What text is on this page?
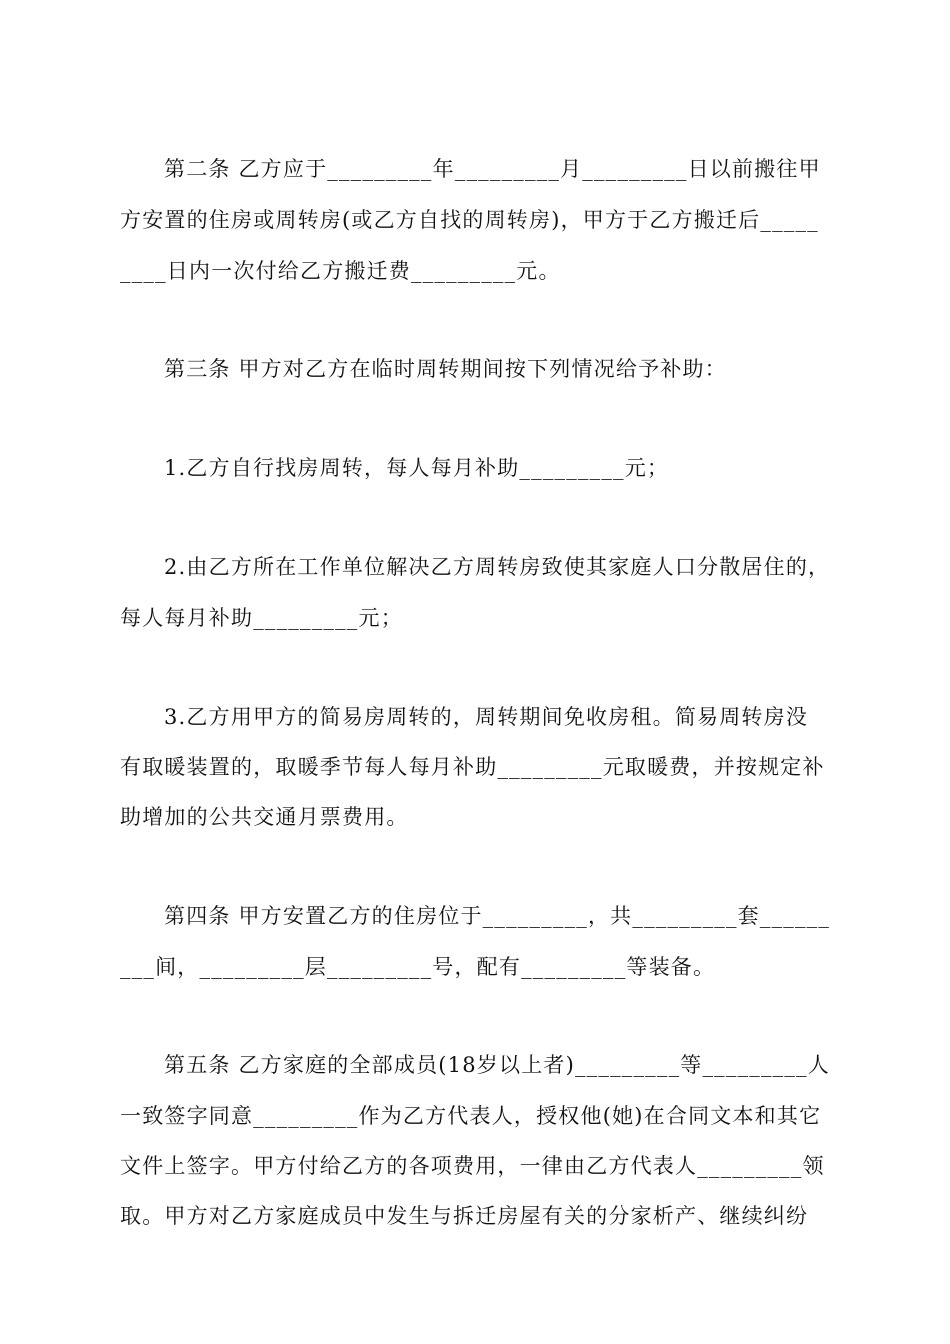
第二条 乙方应于_________年_________月_________日以前搬往甲
方安置的住房或周转房(或乙方自找的周转房)，甲方于乙方搬迁后_____
____日内一次付给乙方搬迁费_________元。
第三条 甲方对乙方在临时周转期间按下列情况给予补助：
1.乙方自行找房周转，每人每月补助_________元；
2.由乙方所在工作单位解决乙方周转房致使其家庭人口分散居住的，
每人每月补助_________元；
3.乙方用甲方的简易房周转的，周转期间免收房租。简易周转房没
有取暖装置的，取暖季节每人每月补助_________元取暖费，并按规定补
助增加的公共交通月票费用。
第四条 甲方安置乙方的住房位于_________，共_________套______
___间，_________层_________号，配有_________等装备。
第五条 乙方家庭的全部成员(18岁以上者)_________等_________人
一致签字同意_________作为乙方代表人，授权他(她)在合同文本和其它
文件上签字。甲方付给乙方的各项费用，一律由乙方代表人_________领
取。甲方对乙方家庭成员中发生与拆迁房屋有关的分家析产、继续纠纷
